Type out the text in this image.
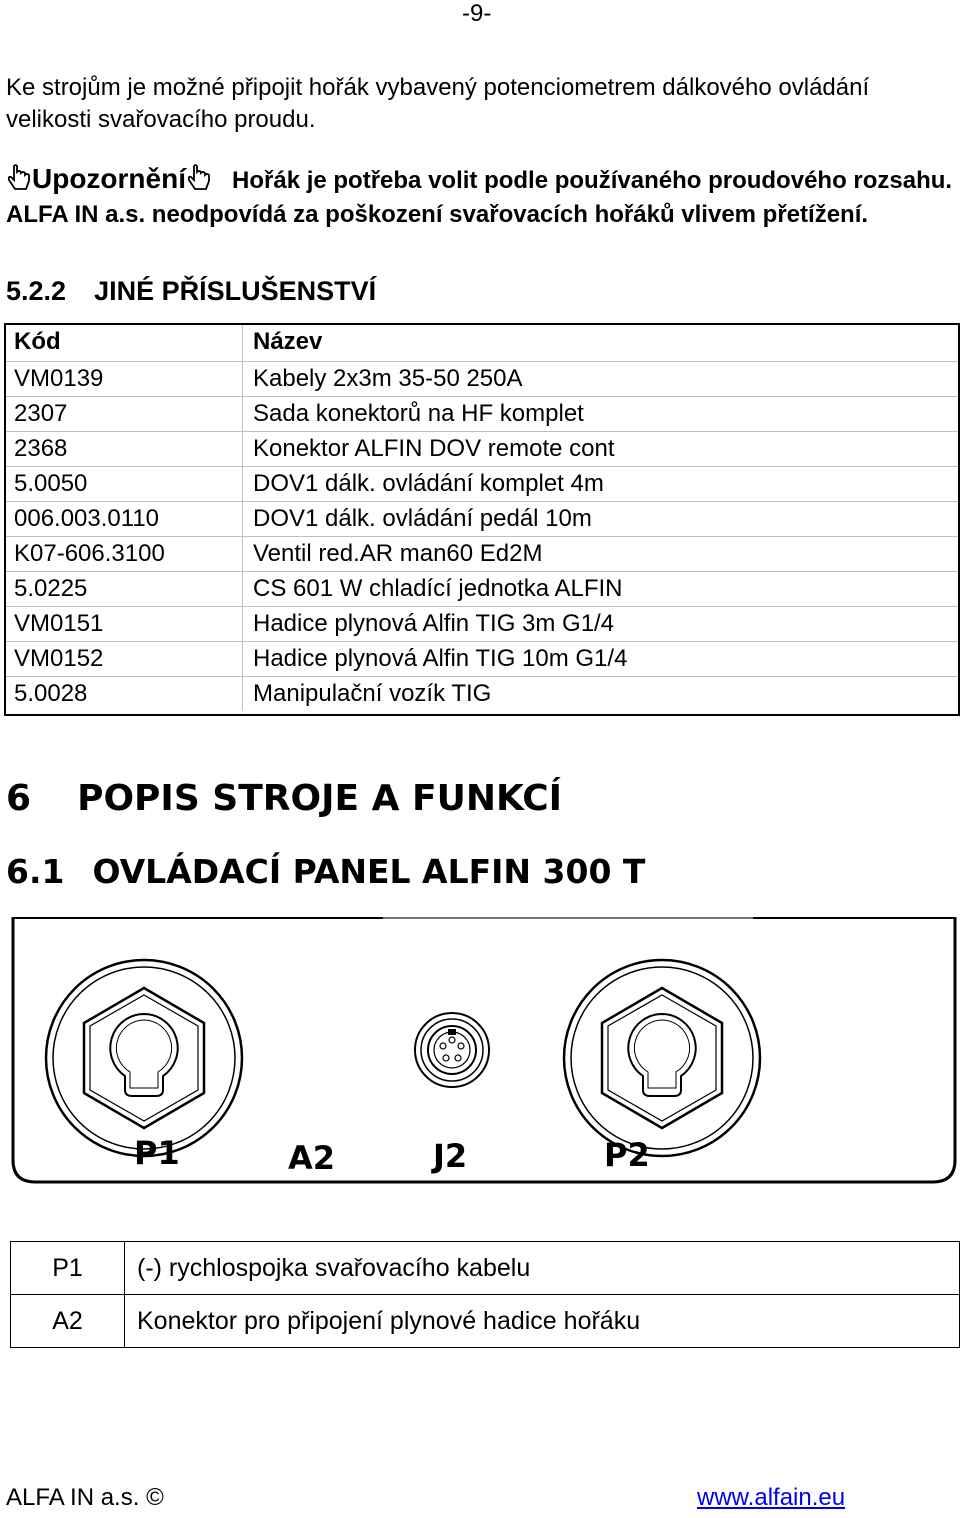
-9-
Ke strojům je možné připojit hořák vybavený potenciometrem dálkového ovládání velikosti svařovacího proudu.
Upozornění Hořák je potřeba volit podle používaného proudového rozsahu. ALFA IN a.s. neodpovídá za poškození svařovacích hořáků vlivem přetížení.
5.2.2 JINÉ PŘÍSLUŠENSTVÍ
Kód	Název
VM0139	Kabely 2x3m 35-50 250A
2307	Sada konektorů na HF komplet
2368	Konektor ALFIN DOV remote cont
5.0050	DOV1 dálk. ovládání komplet 4m
006.003.0110	DOV1 dálk. ovládání pedál 10m
K07-606.3100	Ventil red.AR man60 Ed2M
5.0225	CS 601 W chladící jednotka ALFIN
VM0151	Hadice plynová Alfin TIG 3m G1/4
VM0152	Hadice plynová Alfin TIG 10m G1/4
5.0028	Manipulační vozík TIG
6 POPIS STROJE A FUNKCÍ
6.1 OVLÁDACÍ PANEL ALFIN 300 T
P1	A2	J2	P2
P1	(-) rychlospojka svařovacího kabelu
A2	Konektor pro připojení plynové hadice hořáku
ALFA IN a.s. ©	www.alfain.eu
